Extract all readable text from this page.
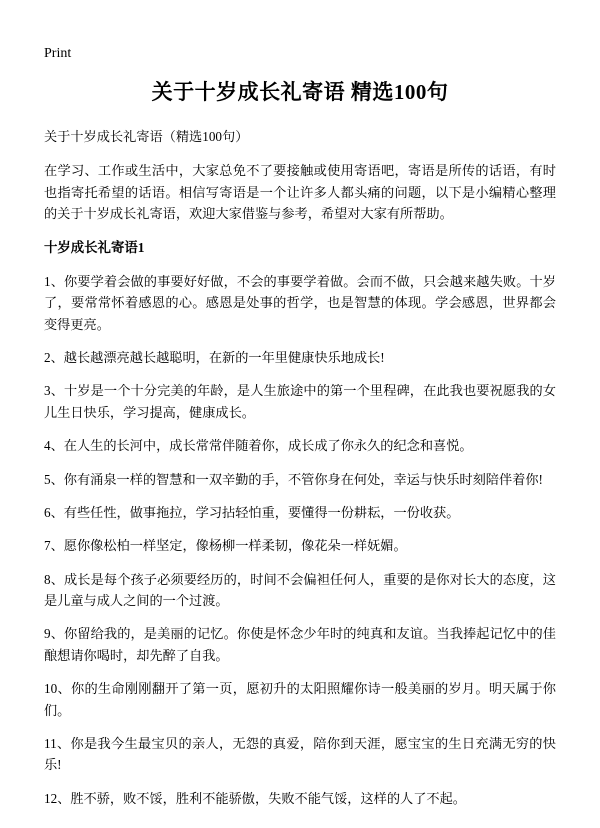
Print
关于十岁成长礼寄语 精选100句

关于十岁成长礼寄语（精选100句）

在学习、工作或生活中，大家总免不了要接触或使用寄语吧，寄语是所传的话语，有时也指寄托希望的话语。相信写寄语是一个让许多人都头痛的问题，以下是小编精心整理的关于十岁成长礼寄语，欢迎大家借鉴与参考，希望对大家有所帮助。

十岁成长礼寄语1

1、你要学着会做的事要好好做，不会的事要学着做。会而不做，只会越来越失败。十岁了，要常常怀着感恩的心。感恩是处事的哲学，也是智慧的体现。学会感恩，世界都会变得更亮。

2、越长越漂亮越长越聪明，在新的一年里健康快乐地成长!

3、十岁是一个十分完美的年龄，是人生旅途中的第一个里程碑，在此我也要祝愿我的女儿生日快乐，学习提高，健康成长。

4、在人生的长河中，成长常常伴随着你，成长成了你永久的纪念和喜悦。

5、你有涌泉一样的智慧和一双辛勤的手，不管你身在何处，幸运与快乐时刻陪伴着你!

6、有些任性，做事拖拉，学习拈轻怕重，要懂得一份耕耘，一份收获。

7、愿你像松柏一样坚定，像杨柳一样柔韧，像花朵一样妩媚。

8、成长是每个孩子必须要经历的，时间不会偏袒任何人，重要的是你对长大的态度，这是儿童与成人之间的一个过渡。

9、你留给我的，是美丽的记忆。你使是怀念少年时的纯真和友谊。当我捧起记忆中的佳酿想请你喝时，却先醉了自我。

10、你的生命刚刚翻开了第一页，愿初升的太阳照耀你诗一般美丽的岁月。明天属于你们。

11、你是我今生最宝贝的亲人，无怨的真爱，陪你到天涯，愿宝宝的生日充满无穷的快乐!

12、胜不骄，败不馁，胜利不能骄傲，失败不能气馁，这样的人了不起。
